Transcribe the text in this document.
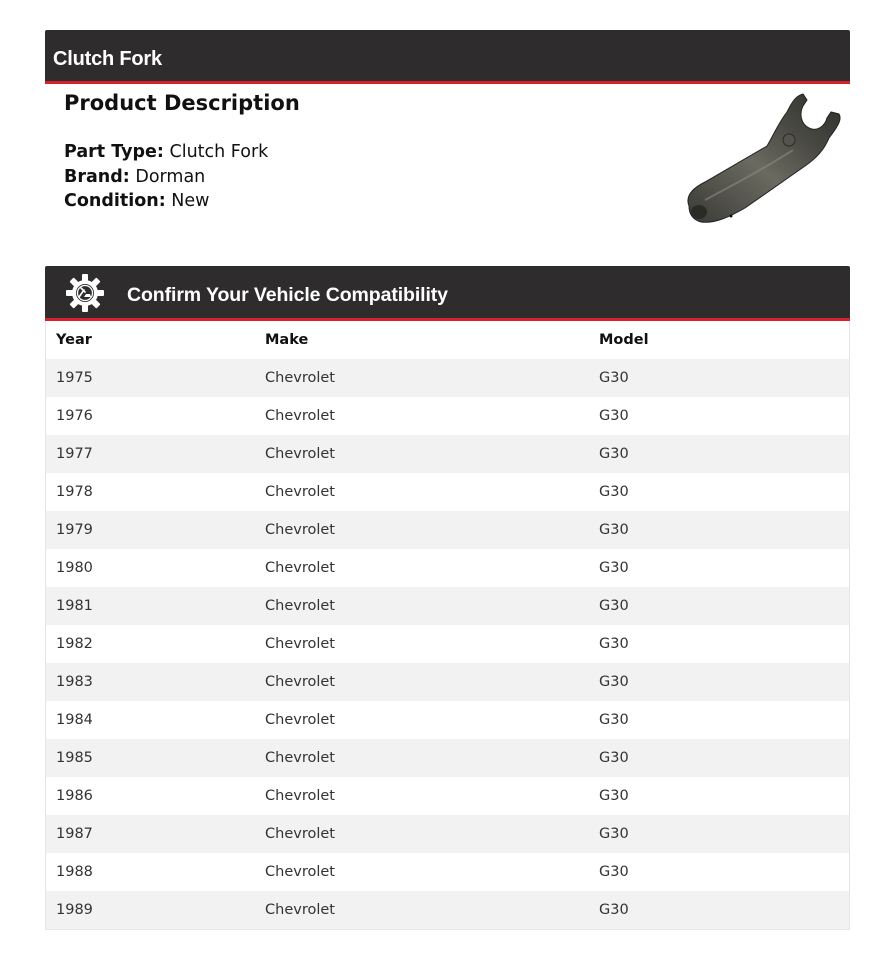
Clutch Fork
Product Description
Part Type: Clutch Fork
Brand: Dorman
Condition: New
Confirm Your Vehicle Compatibility
Year	Make	Model
1975	Chevrolet	G30
1976	Chevrolet	G30
1977	Chevrolet	G30
1978	Chevrolet	G30
1979	Chevrolet	G30
1980	Chevrolet	G30
1981	Chevrolet	G30
1982	Chevrolet	G30
1983	Chevrolet	G30
1984	Chevrolet	G30
1985	Chevrolet	G30
1986	Chevrolet	G30
1987	Chevrolet	G30
1988	Chevrolet	G30
1989	Chevrolet	G30
